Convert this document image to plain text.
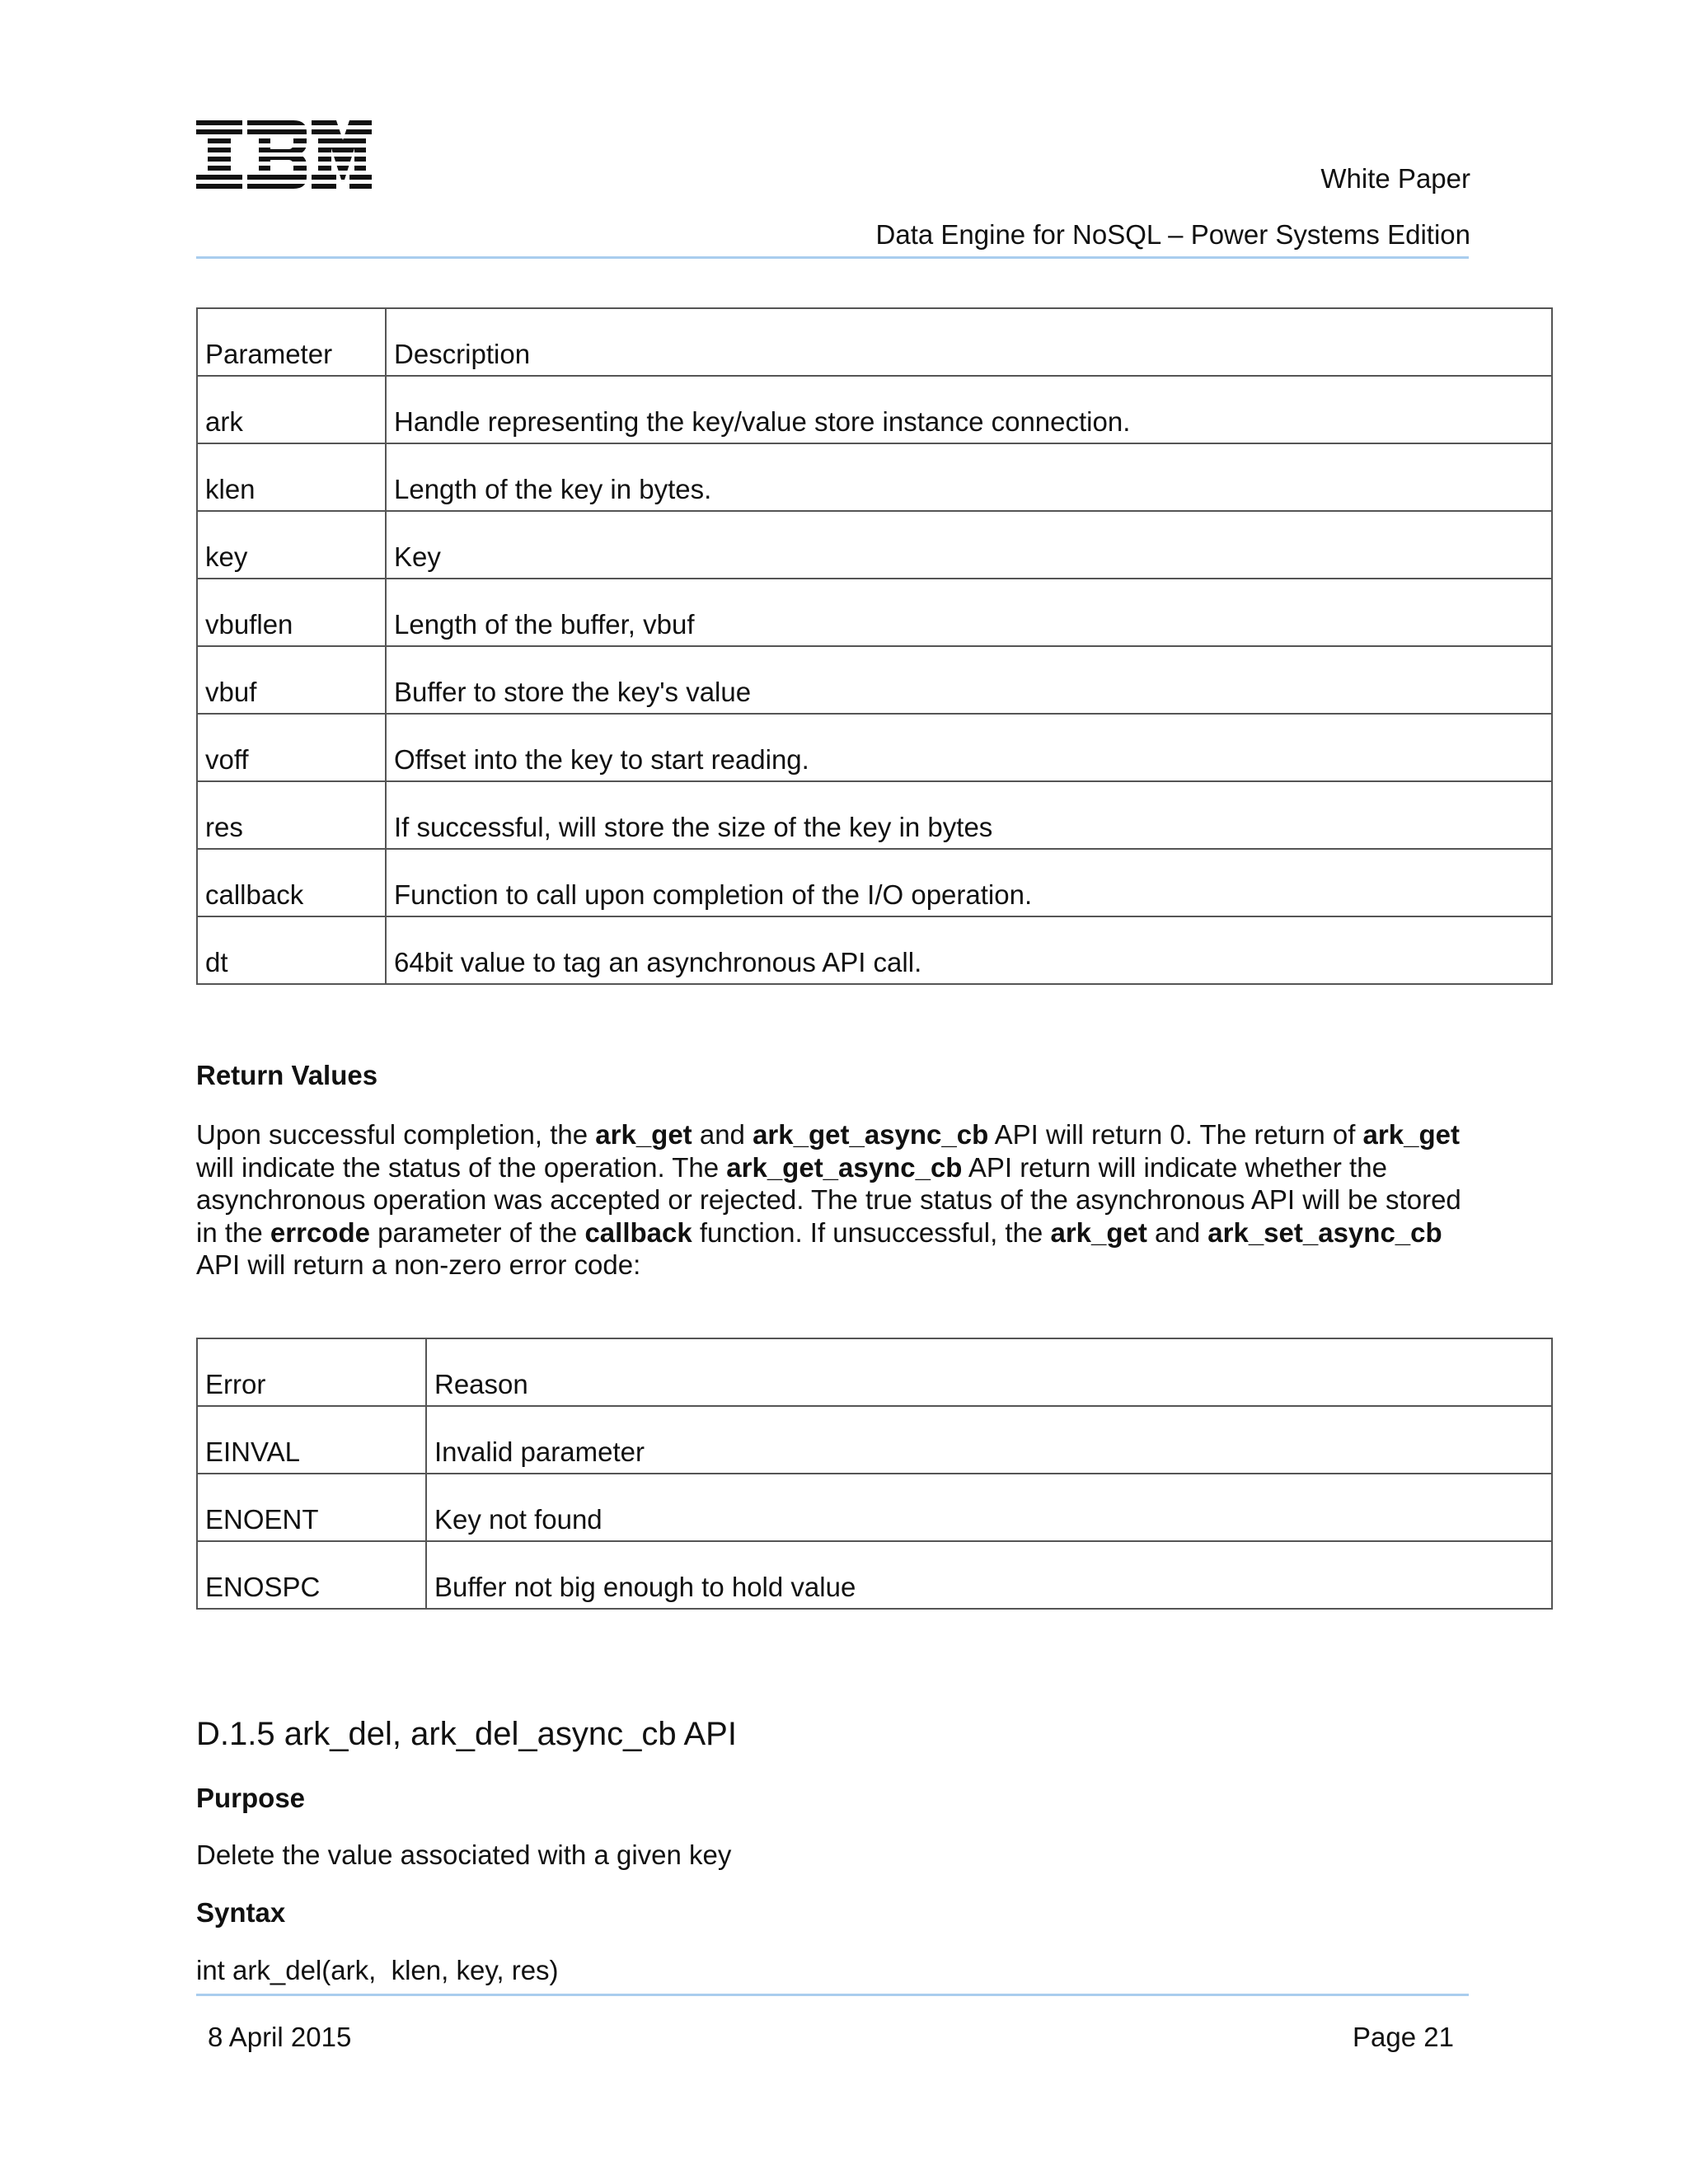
White Paper
Data Engine for NoSQL – Power Systems Edition
Parameter	Description
ark	Handle representing the key/value store instance connection.
klen	Length of the key in bytes.
key	Key
vbuflen	Length of the buffer, vbuf
vbuf	Buffer to store the key's value
voff	Offset into the key to start reading.
res	If successful, will store the size of the key in bytes
callback	Function to call upon completion of the I/O operation.
dt	64bit value to tag an asynchronous API call.
Return Values
Upon successful completion, the ark_get and ark_get_async_cb API will return 0. The return of ark_get will indicate the status of the operation. The ark_get_async_cb API return will indicate whether the asynchronous operation was accepted or rejected. The true status of the asynchronous API will be stored in the errcode parameter of the callback function. If unsuccessful, the ark_get and ark_set_async_cb API will return a non-zero error code:
Error	Reason
EINVAL	Invalid parameter
ENOENT	Key not found
ENOSPC	Buffer not big enough to hold value
D.1.5 ark_del, ark_del_async_cb API
Purpose
Delete the value associated with a given key
Syntax
int ark_del(ark,  klen, key, res)
8 April 2015	Page 21
